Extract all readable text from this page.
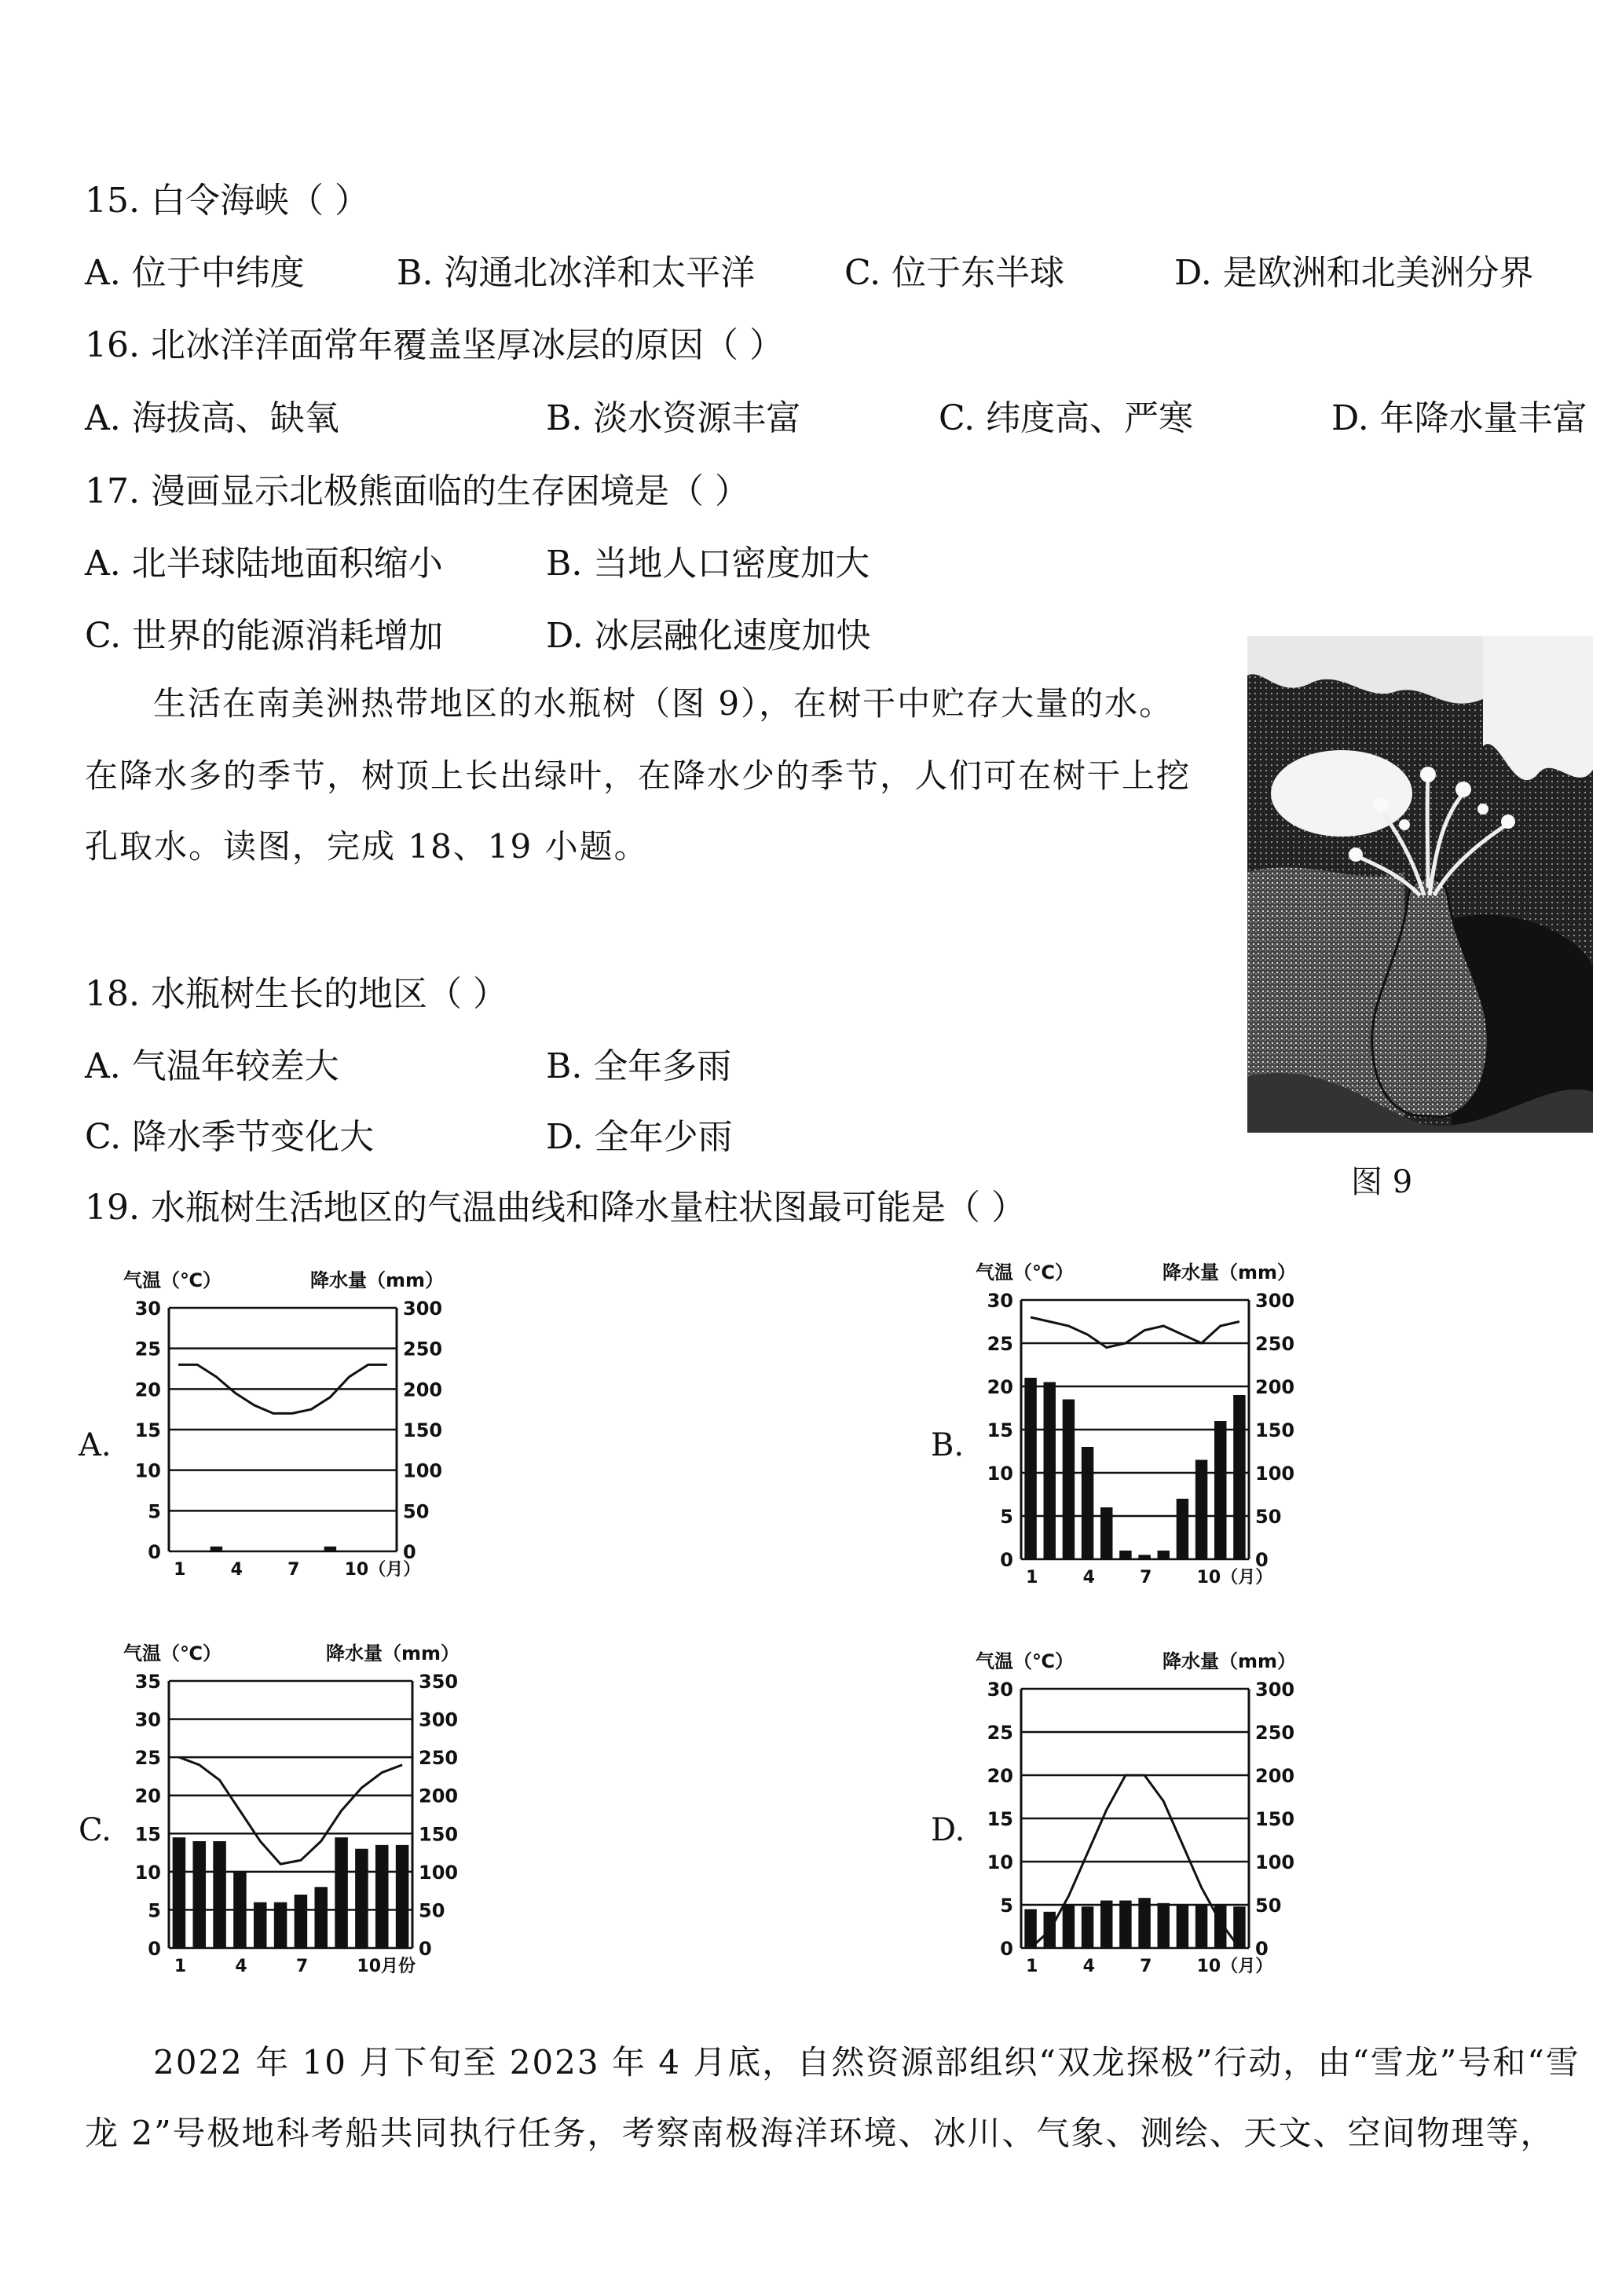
15. 白令海峡（ ）
A. 位于中纬度	B. 沟通北冰洋和太平洋	C. 位于东半球	D. 是欧洲和北美洲分界
16. 北冰洋洋面常年覆盖坚厚冰层的原因（ ）
A. 海拔高、缺氧	B. 淡水资源丰富	C. 纬度高、严寒	D. 年降水量丰富
17. 漫画显示北极熊面临的生存困境是（ ）
A. 北半球陆地面积缩小	B. 当地人口密度加大
C. 世界的能源消耗增加	D. 冰层融化速度加快
生活在南美洲热带地区的水瓶树（图 9），在树干中贮存大量的水。
在降水多的季节，树顶上长出绿叶，在降水少的季节，人们可在树干上挖
孔取水。读图，完成 18、19 小题。
图 9
18. 水瓶树生长的地区（ ）
A. 气温年较差大	B. 全年多雨
C. 降水季节变化大	D. 全年少雨
19. 水瓶树生活地区的气温曲线和降水量柱状图最可能是（ ）
A.
气温（℃）	降水量（mm）
0
5
10
15
20
25
30
0
50
100
150
200
250
300
1	4	7	10（月）
B.
气温（℃）	降水量（mm）
0
5
10
15
20
25
30
0
50
100
150
200
250
300
1	4	7	10（月）
C.
气温（℃）	降水量（mm）
0
5
10
15
20
25
30
35
0
50
100
150
200
250
300
350
1	4	7	10月份
D.
气温（℃）	降水量（mm）
0
5
10
15
20
25
30
0
50
100
150
200
250
300
1	4	7	10（月）
2022 年 10 月下旬至 2023 年 4 月底，自然资源部组织“双龙探极”行动，由“雪龙”号和“雪
龙 2”号极地科考船共同执行任务，考察南极海洋环境、冰川、气象、测绘、天文、空间物理等，
